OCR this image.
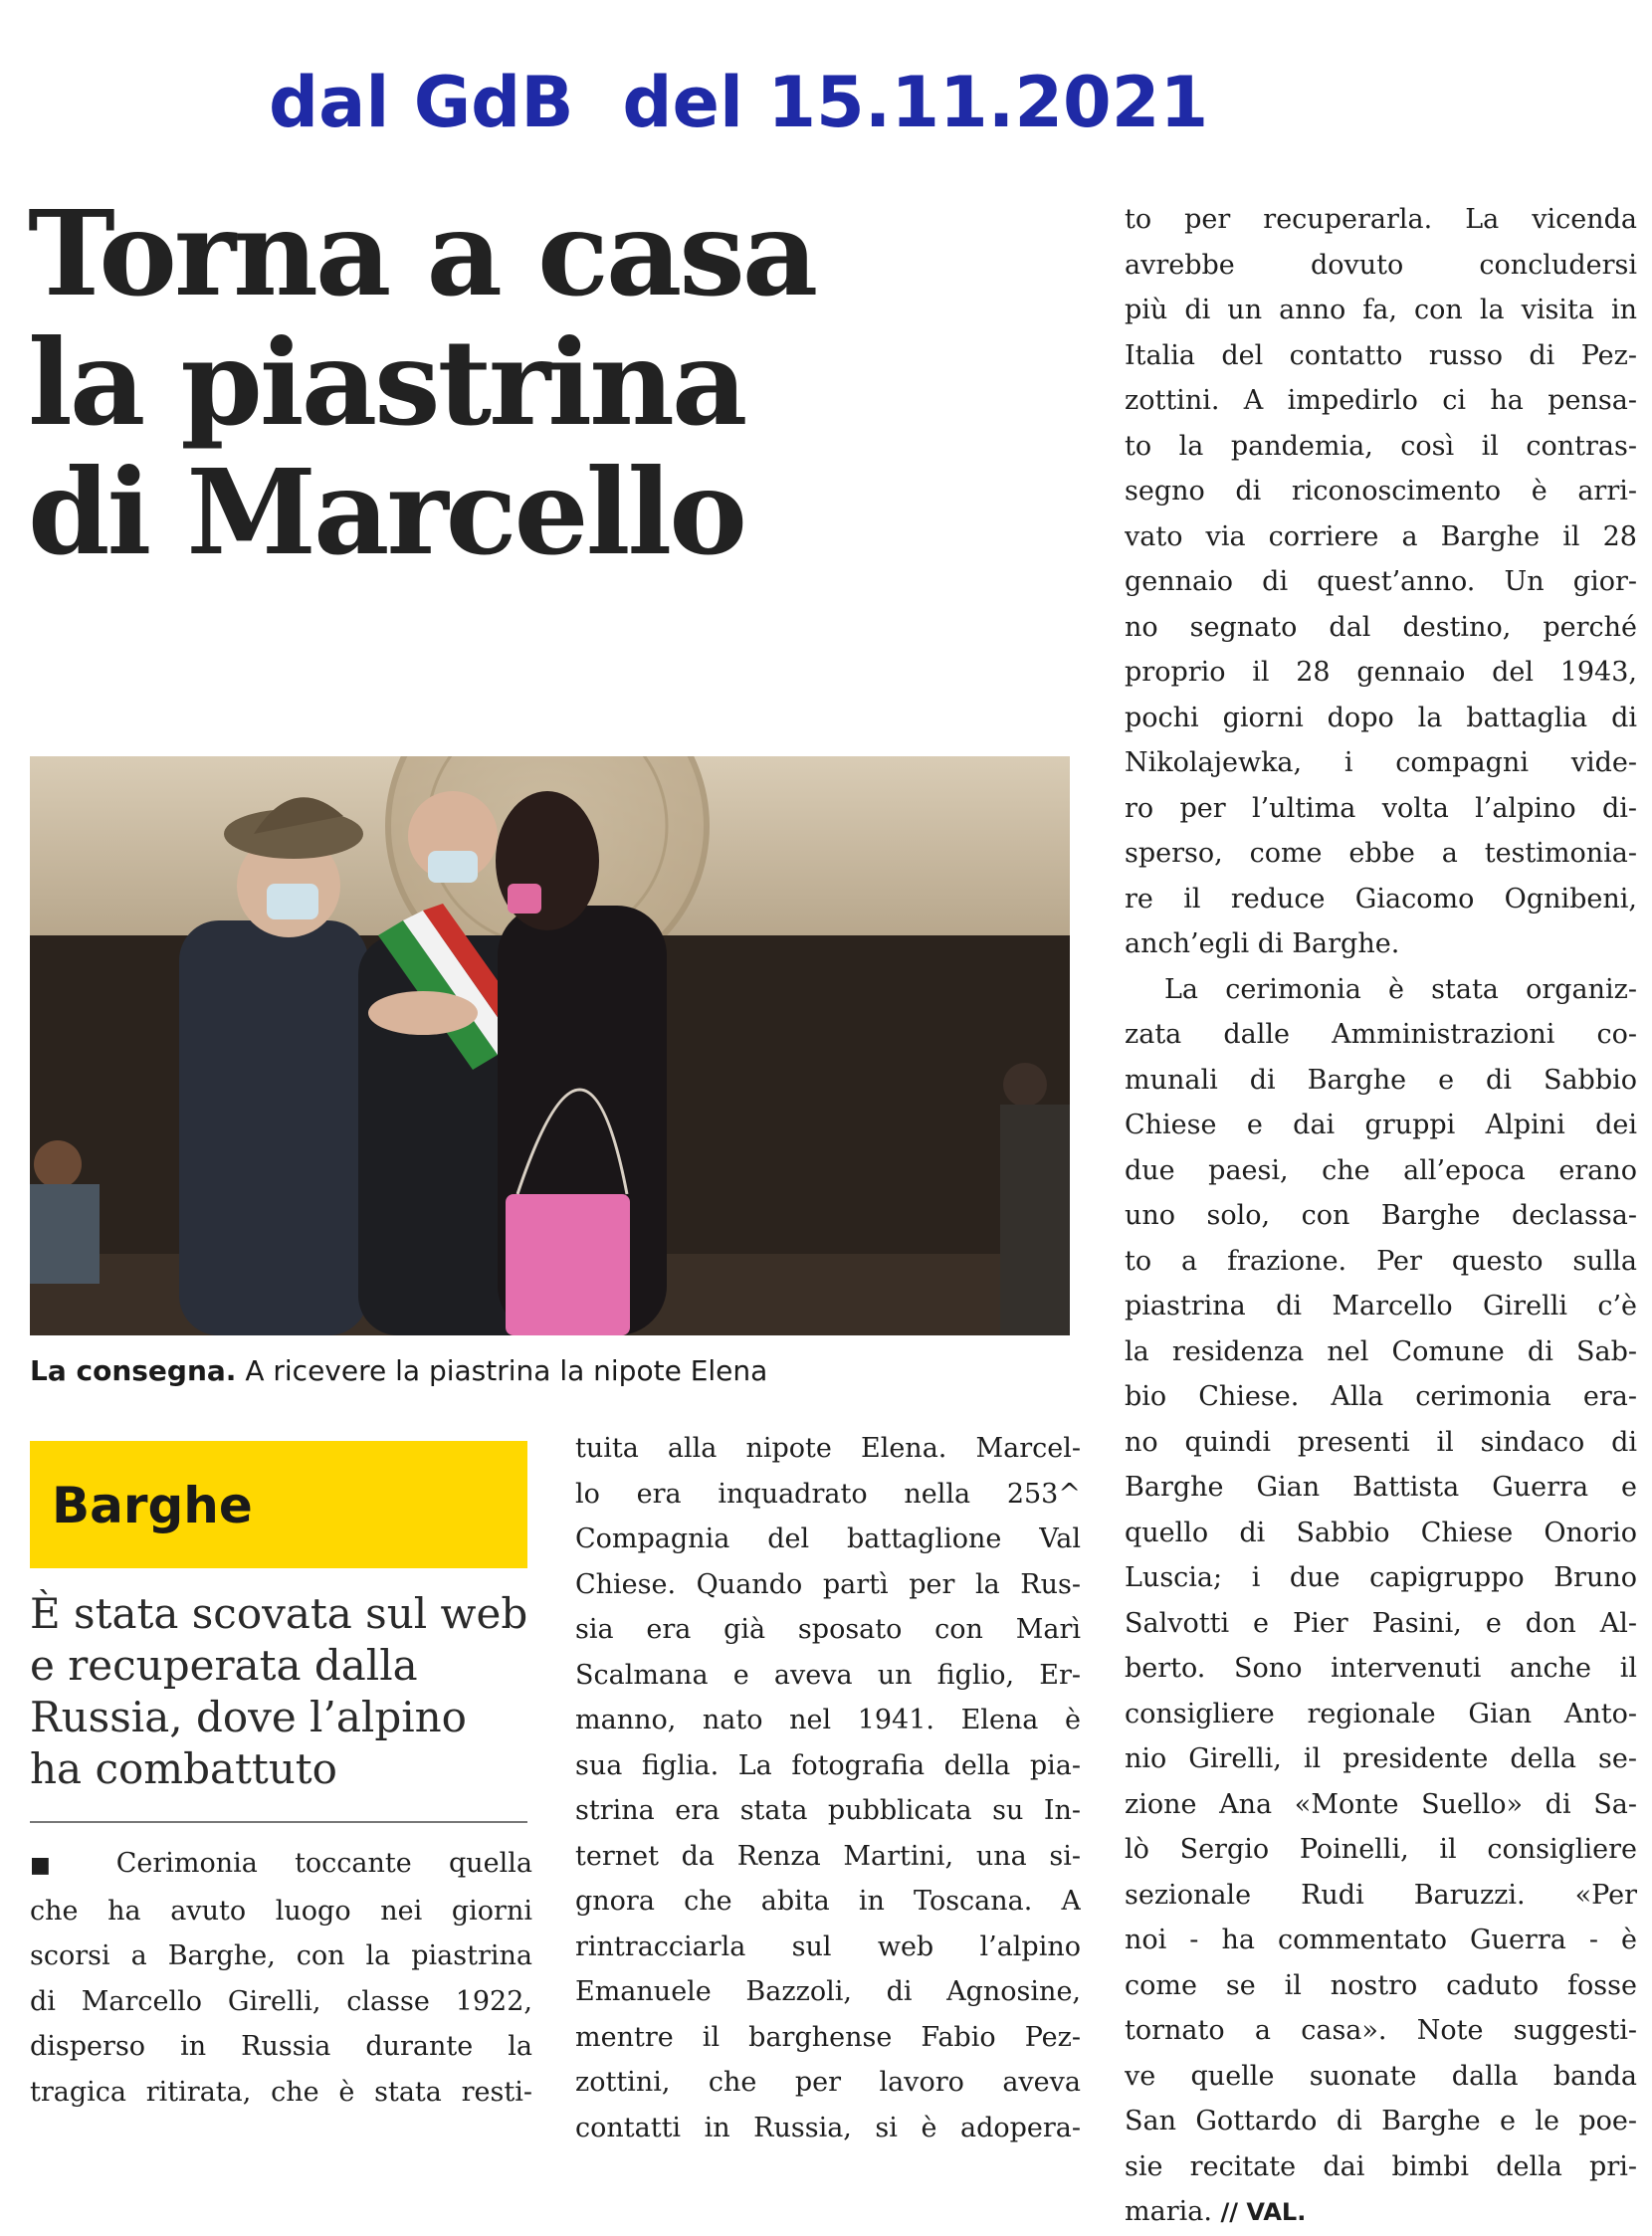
dal GdB  del 15.11.2021
Torna a casa
la piastrina
di Marcello
La consegna. A ricevere la piastrina la nipote Elena
Barghe
È stata scovata sul web
e recuperata dalla
Russia, dove l’alpino
ha combattuto
■ Cerimonia toccante quella
che ha avuto luogo nei giorni
scorsi a Barghe, con la piastrina
di Marcello Girelli, classe 1922,
disperso in Russia durante la
tragica ritirata, che è stata resti-
tuita alla nipote Elena. Marcel-
lo era inquadrato nella 253^
Compagnia del battaglione Val
Chiese. Quando partì per la Rus-
sia era già sposato con Marì
Scalmana e aveva un figlio, Er-
manno, nato nel 1941. Elena è
sua figlia. La fotografia della pia-
strina era stata pubblicata su In-
ternet da Renza Martini, una si-
gnora che abita in Toscana. A
rintracciarla sul web l’alpino
Emanuele Bazzoli, di Agnosine,
mentre il barghense Fabio Pez-
zottini, che per lavoro aveva
contatti in Russia, si è adopera-
to per recuperarla. La vicenda
avrebbe dovuto concludersi
più di un anno fa, con la visita in
Italia del contatto russo di Pez-
zottini. A impedirlo ci ha pensa-
to la pandemia, così il contras-
segno di riconoscimento è arri-
vato via corriere a Barghe il 28
gennaio di quest’anno. Un gior-
no segnato dal destino, perché
proprio il 28 gennaio del 1943,
pochi giorni dopo la battaglia di
Nikolajewka, i compagni vide-
ro per l’ultima volta l’alpino di-
sperso, come ebbe a testimonia-
re il reduce Giacomo Ognibeni,
anch’egli di Barghe.
La cerimonia è stata organiz-
zata dalle Amministrazioni co-
munali di Barghe e di Sabbio
Chiese e dai gruppi Alpini dei
due paesi, che all’epoca erano
uno solo, con Barghe declassa-
to a frazione. Per questo sulla
piastrina di Marcello Girelli c’è
la residenza nel Comune di Sab-
bio Chiese. Alla cerimonia era-
no quindi presenti il sindaco di
Barghe Gian Battista Guerra e
quello di Sabbio Chiese Onorio
Luscia; i due capigruppo Bruno
Salvotti e Pier Pasini, e don Al-
berto. Sono intervenuti anche il
consigliere regionale Gian Anto-
nio Girelli, il presidente della se-
zione Ana «Monte Suello» di Sa-
lò Sergio Poinelli, il consigliere
sezionale Rudi Baruzzi. «Per
noi - ha commentato Guerra - è
come se il nostro caduto fosse
tornato a casa». Note suggesti-
ve quelle suonate dalla banda
San Gottardo di Barghe e le poe-
sie recitate dai bimbi della pri-
maria. // VAL.
